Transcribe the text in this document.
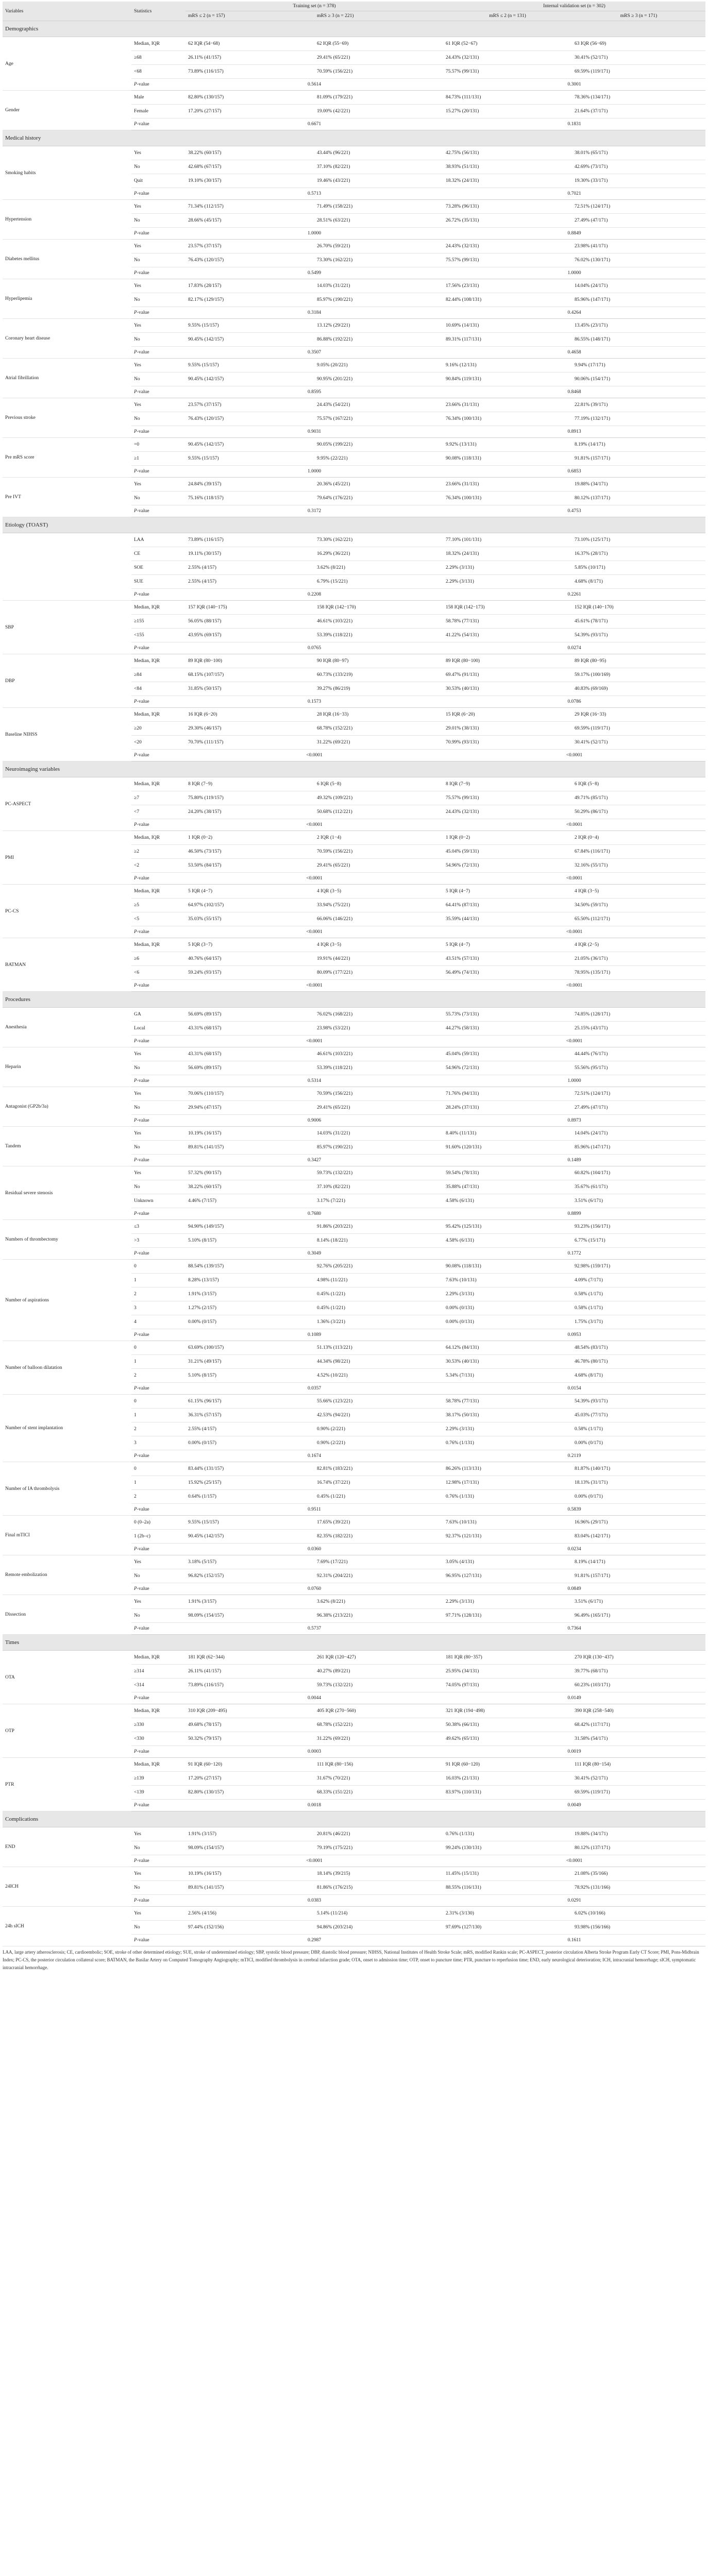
Variables	Statistics	Training set (n = 378)		Internal validation set (n = 302)	
		mRS ≤ 2 (n = 157)	mRS ≥ 3 (n = 221)	mRS ≤ 2 (n = 131)	mRS ≥ 3 (n = 171)
Demographics					
Age	Median, IQR	62 IQR (54−68)	62 IQR (55−69)	61 IQR (52−67)	63 IQR (56−69)
	≥68	26.11% (41/157)	29.41% (65/221)	24.43% (32/131)	30.41% (52/171)
	<68	73.89% (116/157)	70.59% (156/221)	75.57% (99/131)	69.59% (119/171)
	P-value	0.5614		0.3001	
Gender	Male	82.80% (130/157)	81.09% (179/221)	84.73% (111/131)	78.36% (134/171)
	Female	17.20% (27/157)	19.00% (42/221)	15.27% (20/131)	21.64% (37/171)
	P-value	0.6671		0.1831	
Medical history					
Smoking habits	Yes	38.22% (60/157)	43.44% (96/221)	42.75% (56/131)	38.01% (65/171)
	No	42.68% (67/157)	37.10% (82/221)	38.93% (51/131)	42.69% (73/171)
	Quit	19.10% (30/157)	19.46% (43/221)	18.32% (24/131)	19.30% (33/171)
	P-value	0.5713		0.7021	
Hypertension	Yes	71.34% (112/157)	71.49% (158/221)	73.28% (96/131)	72.51% (124/171)
	No	28.66% (45/157)	28.51% (63/221)	26.72% (35/131)	27.49% (47/171)
	P-value	1.0000		0.8849	
Diabetes mellitus	Yes	23.57% (37/157)	26.70% (59/221)	24.43% (32/131)	23.98% (41/171)
	No	76.43% (120/157)	73.30% (162/221)	75.57% (99/131)	76.02% (130/171)
	P-value	0.5499		1.0000	
Hyperlipemia	Yes	17.83% (28/157)	14.03% (31/221)	17.56% (23/131)	14.04% (24/171)
	No	82.17% (129/157)	85.97% (190/221)	82.44% (108/131)	85.96% (147/171)
	P-value	0.3184		0.4264	
Coronary heart disease	Yes	9.55% (15/157)	13.12% (29/221)	10.69% (14/131)	13.45% (23/171)
	No	90.45% (142/157)	86.88% (192/221)	89.31% (117/131)	86.55% (148/171)
	P-value	0.3507		0.4658	
Atrial fibrillation	Yes	9.55% (15/157)	9.05% (20/221)	9.16% (12/131)	9.94% (17/171)
	No	90.45% (142/157)	90.95% (201/221)	90.84% (119/131)	90.06% (154/171)
	P-value	0.8595		0.8468	
Previous stroke	Yes	23.57% (37/157)	24.43% (54/221)	23.66% (31/131)	22.81% (39/171)
	No	76.43% (120/157)	75.57% (167/221)	76.34% (100/131)	77.19% (132/171)
	P-value	0.9031		0.8913	
Pre mRS score	=0	90.45% (142/157)	90.05% (199/221)	9.92% (13/131)	8.19% (14/171)
	≥1	9.55% (15/157)	9.95% (22/221)	90.08% (118/131)	91.81% (157/171)
	P-value	1.0000		0.6853	
Pre IVT	Yes	24.84% (39/157)	20.36% (45/221)	23.66% (31/131)	19.88% (34/171)
	No	75.16% (118/157)	79.64% (176/221)	76.34% (100/131)	80.12% (137/171)
	P-value	0.3172		0.4753	
Etiology (TOAST)					
	LAA	73.89% (116/157)	73.30% (162/221)	77.10% (101/131)	73.10% (125/171)
	CE	19.11% (30/157)	16.29% (36/221)	18.32% (24/131)	16.37% (28/171)
	SOE	2.55% (4/157)	3.62% (8/221)	2.29% (3/131)	5.85% (10/171)
	SUE	2.55% (4/157)	6.79% (15/221)	2.29% (3/131)	4.68% (8/171)
	P-value	0.2208		0.2261	
SBP	Median, IQR	157 IQR (140−175)	158 IQR (142−170)	158 IQR (142−173)	152 IQR (140−170)
	≥155	56.05% (88/157)	46.61% (103/221)	58.78% (77/131)	45.61% (78/171)
	<155	43.95% (69/157)	53.39% (118/221)	41.22% (54/131)	54.39% (93/171)
	P-value	0.0765		0.0274	
DBP	Median, IQR	89 IQR (80−100)	90 IQR (80−97)	89 IQR (80−100)	89 IQR (80−95)
	≥84	68.15% (107/157)	60.73% (133/219)	69.47% (91/131)	59.17% (100/169)
	<84	31.85% (50/157)	39.27% (86/219)	30.53% (40/131)	40.83% (69/169)
	P-value	0.1573		0.0786	
Baseline NIHSS	Median, IQR	16 IQR (6−20)	28 IQR (16−33)	15 IQR (6−20)	29 IQR (16−33)
	≥20	29.30% (46/157)	68.78% (152/221)	29.01% (38/131)	69.59% (119/171)
	<20	70.70% (111/157)	31.22% (69/221)	70.99% (93/131)	30.41% (52/171)
	P-value	<0.0001		<0.0001	
Neuroimaging variables					
PC-ASPECT	Median, IQR	8 IQR (7−9)	6 IQR (5−8)	8 IQR (7−9)	6 IQR (5−8)
	≥7	75.80% (119/157)	49.32% (109/221)	75.57% (99/131)	49.71% (85/171)
	<7	24.20% (38/157)	50.68% (112/221)	24.43% (32/131)	50.29% (86/171)
	P-value	<0.0001		<0.0001	
PMI	Median, IQR	1 IQR (0−2)	2 IQR (1−4)	1 IQR (0−2)	2 IQR (0−4)
	≥2	46.50% (73/157)	70.59% (156/221)	45.04% (59/131)	67.84% (116/171)
	<2	53.50% (84/157)	29.41% (65/221)	54.96% (72/131)	32.16% (55/171)
	P-value	<0.0001		<0.0001	
PC-CS	Median, IQR	5 IQR (4−7)	4 IQR (3−5)	5 IQR (4−7)	4 IQR (3−5)
	≥5	64.97% (102/157)	33.94% (75/221)	64.41% (87/131)	34.50% (59/171)
	<5	35.03% (55/157)	66.06% (146/221)	35.59% (44/131)	65.50% (112/171)
	P-value	<0.0001		<0.0001	
BATMAN	Median, IQR	5 IQR (3−7)	4 IQR (3−5)	5 IQR (4−7)	4 IQR (2−5)
	≥6	40.76% (64/157)	19.91% (44/221)	43.51% (57/131)	21.05% (36/171)
	<6	59.24% (93/157)	80.09% (177/221)	56.49% (74/131)	78.95% (135/171)
	P-value	<0.0001		<0.0001	
Procedures					
Anesthesia	GA	56.69% (89/157)	76.02% (168/221)	55.73% (73/131)	74.85% (128/171)
	Local	43.31% (68/157)	23.98% (53/221)	44.27% (58/131)	25.15% (43/171)
	P-value	<0.0001		<0.0001	
Heparin	Yes	43.31% (68/157)	46.61% (103/221)	45.04% (59/131)	44.44% (76/171)
	No	56.69% (89/157)	53.39% (118/221)	54.96% (72/131)	55.56% (95/171)
	P-value	0.5314		1.0000	
Antagonist (GP2b/3a)	Yes	70.06% (110/157)	70.59% (156/221)	71.76% (94/131)	72.51% (124/171)
	No	29.94% (47/157)	29.41% (65/221)	28.24% (37/131)	27.49% (47/171)
	P-value	0.9006		0.8973	
Tandem	Yes	10.19% (16/157)	14.03% (31/221)	8.40% (11/131)	14.04% (24/171)
	No	89.81% (141/157)	85.97% (190/221)	91.60% (120/131)	85.96% (147/171)
	P-value	0.3427		0.1489	
Residual severe stenosis	Yes	57.32% (90/157)	59.73% (132/221)	59.54% (78/131)	60.82% (104/171)
	No	38.22% (60/157)	37.10% (82/221)	35.88% (47/131)	35.67% (61/171)
	Unknown	4.46% (7/157)	3.17% (7/221)	4.58% (6/131)	3.51% (6/171)
	P-value	0.7680		0.8899	
Numbers of thrombectomy	≤3	94.90% (149/157)	91.86% (203/221)	95.42% (125/131)	93.23% (156/171)
	>3	5.10% (8/157)	8.14% (18/221)	4.58% (6/131)	6.77% (15/171)
	P-value	0.3049		0.1772	
Number of aspirations	0	88.54% (139/157)	92.76% (205/221)	90.08% (118/131)	92.98% (159/171)
	1	8.28% (13/157)	4.98% (11/221)	7.63% (10/131)	4.09% (7/171)
	2	1.91% (3/157)	0.45% (1/221)	2.29% (3/131)	0.58% (1/171)
	3	1.27% (2/157)	0.45% (1/221)	0.00% (0/131)	0.58% (1/171)
	4	0.00% (0/157)	1.36% (3/221)	0.00% (0/131)	1.75% (3/171)
	P-value	0.1089		0.0953	
Number of balloon dilatation	0	63.69% (100/157)	51.13% (113/221)	64.12% (84/131)	48.54% (83/171)
	1	31.21% (49/157)	44.34% (98/221)	30.53% (40/131)	46.78% (80/171)
	2	5.10% (8/157)	4.52% (10/221)	5.34% (7/131)	4.68% (8/171)
	P-value	0.0357		0.0154	
Number of stent implantation	0	61.15% (96/157)	55.66% (123/221)	58.78% (77/131)	54.39% (93/171)
	1	36.31% (57/157)	42.53% (94/221)	38.17% (50/131)	45.03% (77/171)
	2	2.55% (4/157)	0.90% (2/221)	2.29% (3/131)	0.58% (1/171)
	3	0.00% (0/157)	0.90% (2/221)	0.76% (1/131)	0.00% (0/171)
	P-value	0.1674		0.2119	
Number of IA thrombolysis	0	83.44% (131/157)	82.81% (183/221)	86.26% (113/131)	81.87% (140/171)
	1	15.92% (25/157)	16.74% (37/221)	12.98% (17/131)	18.13% (31/171)
	2	0.64% (1/157)	0.45% (1/221)	0.76% (1/131)	0.00% (0/171)
	P-value	0.9511		0.5839	
Final mTICI	0 (0–2a)	9.55% (15/157)	17.65% (39/221)	7.63% (10/131)	16.96% (29/171)
	1 (2b–c)	90.45% (142/157)	82.35% (182/221)	92.37% (121/131)	83.04% (142/171)
	P-value	0.0360		0.0234	
Remote embolization	Yes	3.18% (5/157)	7.69% (17/221)	3.05% (4/131)	8.19% (14/171)
	No	96.82% (152/157)	92.31% (204/221)	96.95% (127/131)	91.81% (157/171)
	P-value	0.0760		0.0849	
Dissection	Yes	1.91% (3/157)	3.62% (8/221)	2.29% (3/131)	3.51% (6/171)
	No	98.09% (154/157)	96.38% (213/221)	97.71% (128/131)	96.49% (165/171)
	P-value	0.5737		0.7364	
Times					
OTA	Median, IQR	181 IQR (62−344)	261 IQR (120−427)	181 IQR (80−357)	270 IQR (130−437)
	≥314	26.11% (41/157)	40.27% (89/221)	25.95% (34/131)	39.77% (68/171)
	<314	73.89% (116/157)	59.73% (132/221)	74.05% (97/131)	60.23% (103/171)
	P-value	0.0044		0.0149	
OTP	Median, IQR	310 IQR (209−495)	405 IQR (270−560)	321 IQR (194−498)	390 IQR (258−540)
	≥330	49.68% (78/157)	68.78% (152/221)	50.38% (66/131)	68.42% (117/171)
	<330	50.32% (79/157)	31.22% (69/221)	49.62% (65/131)	31.58% (54/171)
	P-value	0.0003		0.0019	
PTR	Median, IQR	91 IQR (60−120)	111 IQR (80−156)	91 IQR (60−120)	111 IQR (80−154)
	≥139	17.20% (27/157)	31.67% (70/221)	16.03% (21/131)	30.41% (52/171)
	<139	82.80% (130/157)	68.33% (151/221)	83.97% (110/131)	69.59% (119/171)
	P-value	0.0018		0.0049	
Complications					
END	Yes	1.91% (3/157)	20.81% (46/221)	0.76% (1/131)	19.88% (34/171)
	No	98.09% (154/157)	79.19% (175/221)	99.24% (130/131)	80.12% (137/171)
	P-value	<0.0001		<0.0001	
24ICH	Yes	10.19% (16/157)	18.14% (39/215)	11.45% (15/131)	21.08% (35/166)
	No	89.81% (141/157)	81.86% (176/215)	88.55% (116/131)	78.92% (131/166)
	P-value	0.0383		0.0291	
24h sICH	Yes	2.56% (4/156)	5.14% (11/214)	2.31% (3/130)	6.02% (10/166)
	No	97.44% (152/156)	94.86% (203/214)	97.69% (127/130)	93.98% (156/166)
	P-value	0.2987		0.1611	
LAA, large artery atherosclerosis; CE, cardioembolic; SOE, stroke of other determined etiology; SUE, stroke of undetermined etiology; SBP, systolic blood pressure; DBP, diastolic blood pressure; NIHSS, National Institutes of Health Stroke Scale; mRS, modified Rankin scale; PC-ASPECT, posterior circulation Alberta Stroke Program Early CT Score; PMI, Pons-Midbrain Index; PC-CS, the posterior circulation collateral score; BATMAN, the Basilar Artery on Computed Tomography Angiography; mTICI, modified thrombolysis in cerebral infarction grade; OTA, onset to admission time; OTP, onset to puncture time; PTR, puncture to reperfusion time; END, early neurological deterioration; ICH, intracranial hemorrhage; sICH, symptomatic intracranial hemorrhage.
